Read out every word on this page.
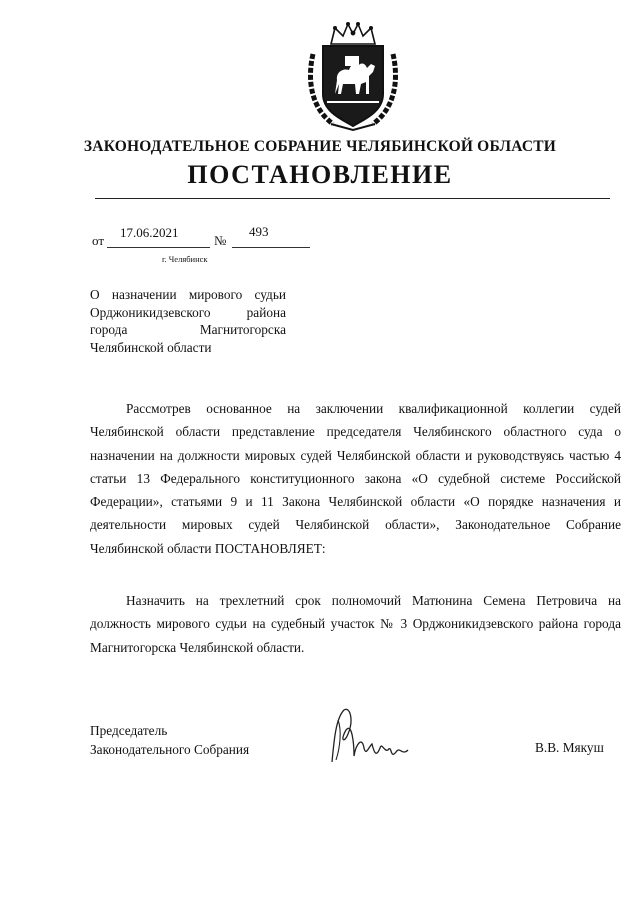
ЗАКОНОДАТЕЛЬНОЕ СОБРАНИЕ ЧЕЛЯБИНСКОЙ ОБЛАСТИ
ПОСТАНОВЛЕНИЕ
от
17.06.2021
№
493
г. Челябинск
О назначении мирового судьи Орджоникидзевского района города Магнитогорска Челябинской области

Рассмотрев основанное на заключении квалификационной коллегии судей Челябинской области представление председателя Челябинского областного суда о назначении на должности мировых судей Челябинской области и руководствуясь частью 4 статьи 13 Федерального конституционного закона «О судебной системе Российской Федерации», статьями 9 и 11 Закона Челябинской области «О порядке назначения и деятельности мировых судей Челябинской области», Законодательное Собрание Челябинской области ПОСТАНОВЛЯЕТ:

Назначить на трехлетний срок полномочий Матюнина Семена Петровича на должность мирового судьи на судебный участок № 3 Орджоникидзевского района города Магнитогорска Челябинской области.

Председатель
Законодательного Собрания	В.В. Мякуш
